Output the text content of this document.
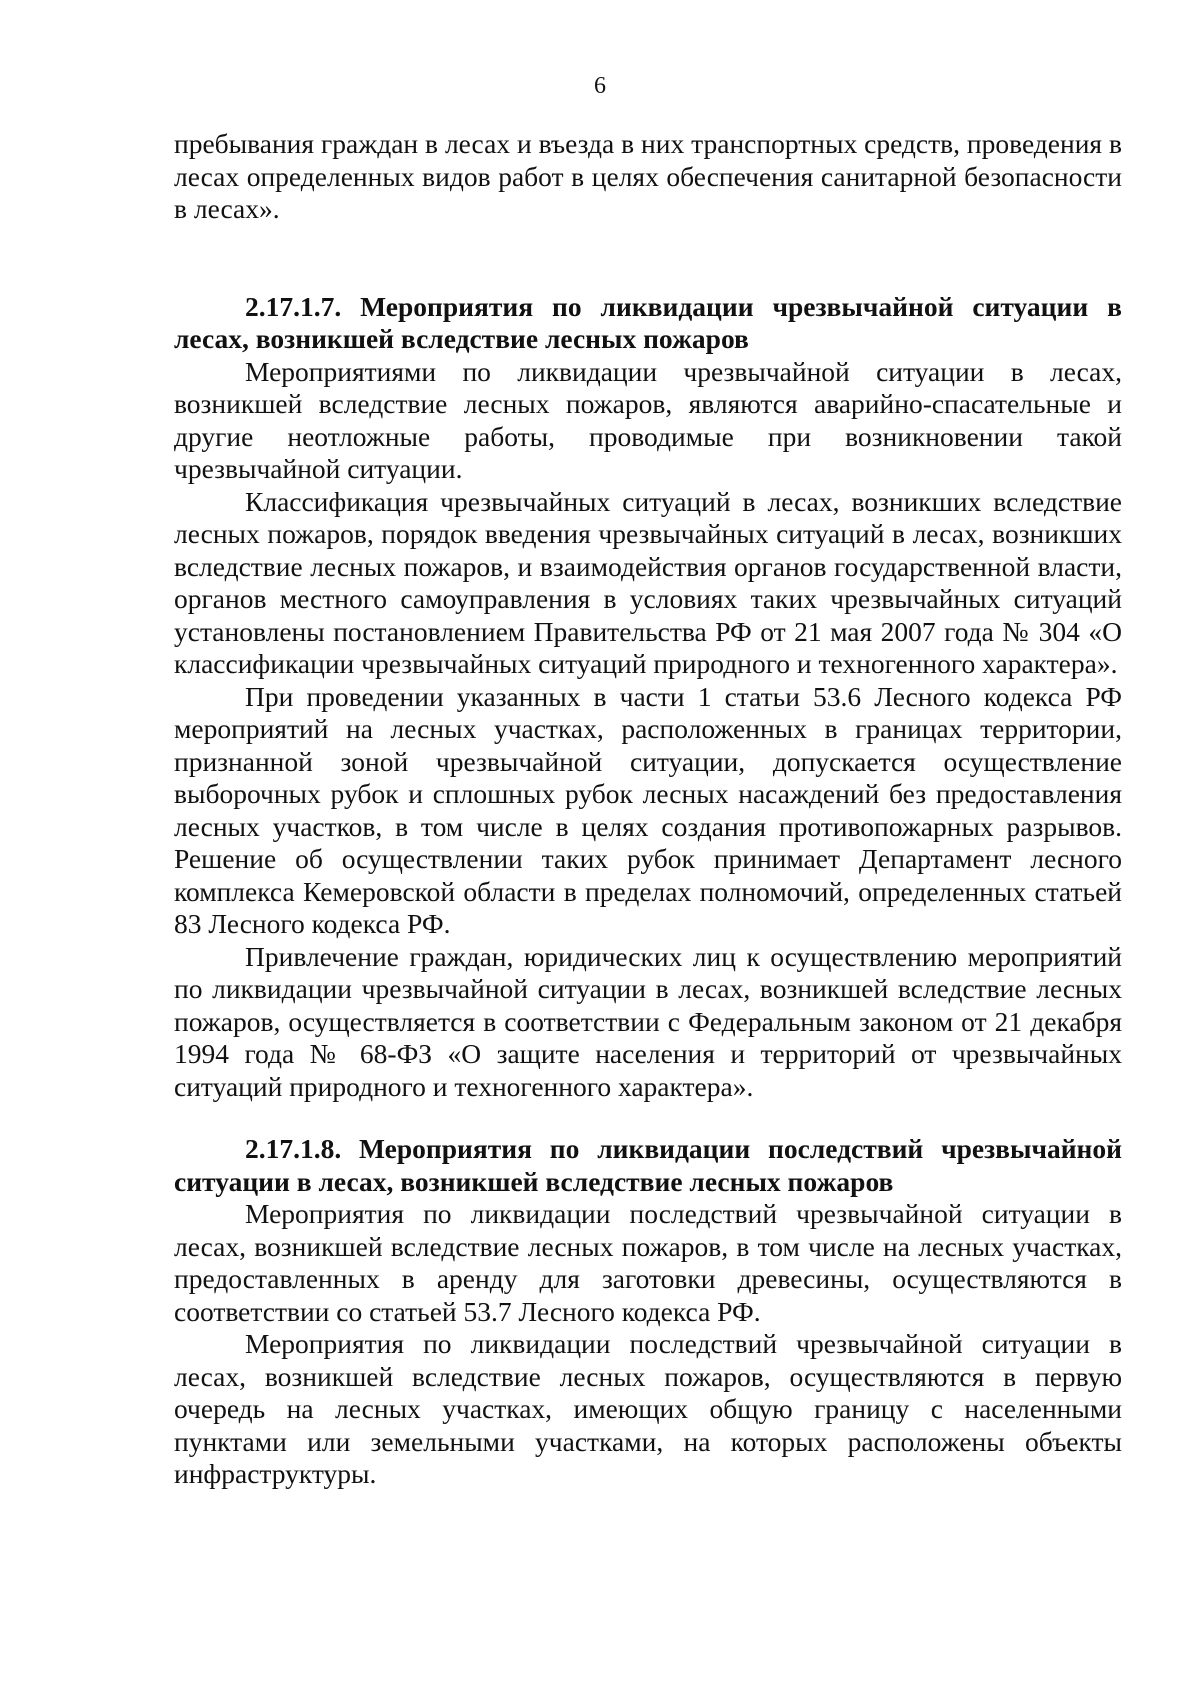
6

пребывания граждан в лесах и въезда в них транспортных средств, проведения в лесах определенных видов работ в целях обеспечения санитарной безопасности в лесах».

2.17.1.7. Мероприятия по ликвидации чрезвычайной ситуации в лесах, возникшей вследствие лесных пожаров

Мероприятиями по ликвидации чрезвычайной ситуации в лесах, возникшей вследствие лесных пожаров, являются аварийно-спасательные и другие неотложные работы, проводимые при возникновении такой чрезвычайной ситуации.

Классификация чрезвычайных ситуаций в лесах, возникших вследствие лесных пожаров, порядок введения чрезвычайных ситуаций в лесах, возникших вследствие лесных пожаров, и взаимодействия органов государственной власти, органов местного самоуправления в условиях таких чрезвычайных ситуаций установлены постановлением Правительства РФ от 21 мая 2007 года № 304 «О классификации чрезвычайных ситуаций природного и техногенного характера».

При проведении указанных в части 1 статьи 53.6 Лесного кодекса РФ мероприятий на лесных участках, расположенных в границах территории, признанной зоной чрезвычайной ситуации, допускается осуществление выборочных рубок и сплошных рубок лесных насаждений без предоставления лесных участков, в том числе в целях создания противопожарных разрывов. Решение об осуществлении таких рубок принимает Департамент лесного комплекса Кемеровской области в пределах полномочий, определенных статьей 83 Лесного кодекса РФ.

Привлечение граждан, юридических лиц к осуществлению мероприятий по ликвидации чрезвычайной ситуации в лесах, возникшей вследствие лесных пожаров, осуществляется в соответствии с Федеральным законом от 21 декабря 1994 года № 68-ФЗ «О защите населения и территорий от чрезвычайных ситуаций природного и техногенного характера».

2.17.1.8. Мероприятия по ликвидации последствий чрезвычайной ситуации в лесах, возникшей вследствие лесных пожаров

Мероприятия по ликвидации последствий чрезвычайной ситуации в лесах, возникшей вследствие лесных пожаров, в том числе на лесных участках, предоставленных в аренду для заготовки древесины, осуществляются в соответствии со статьей 53.7 Лесного кодекса РФ.

Мероприятия по ликвидации последствий чрезвычайной ситуации в лесах, возникшей вследствие лесных пожаров, осуществляются в первую очередь на лесных участках, имеющих общую границу с населенными пунктами или земельными участками, на которых расположены объекты инфраструктуры.
